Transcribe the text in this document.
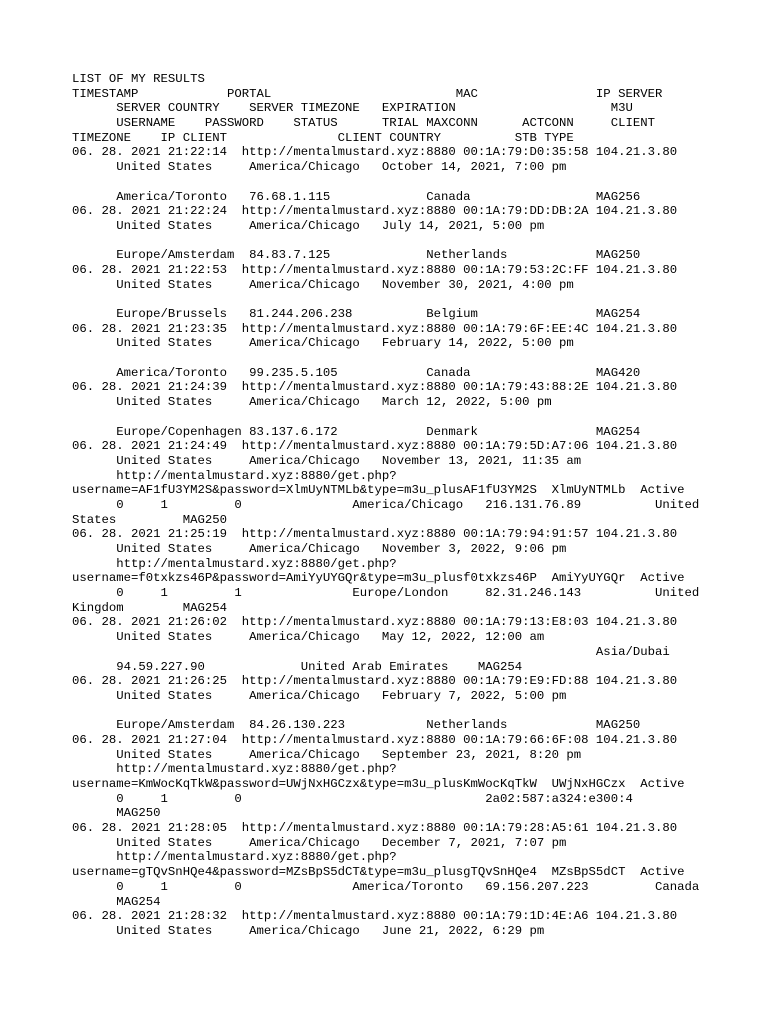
LIST OF MY RESULTS
TIMESTAMP            PORTAL                         MAC                IP SERVER
SERVER COUNTRY    SERVER TIMEZONE   EXPIRATION                     M3U
USERNAME    PASSWORD    STATUS      TRIAL MAXCONN      ACTCONN     CLIENT
TIMEZONE    IP CLIENT               CLIENT COUNTRY          STB TYPE
06. 28. 2021 21:22:14  http://mentalmustard.xyz:8880 00:1A:79:D0:35:58 104.21.3.80
United States     America/Chicago   October 14, 2021, 7:00 pm
America/Toronto   76.68.1.115             Canada                 MAG256
06. 28. 2021 21:22:24  http://mentalmustard.xyz:8880 00:1A:79:DD:DB:2A 104.21.3.80
United States     America/Chicago   July 14, 2021, 5:00 pm
Europe/Amsterdam  84.83.7.125             Netherlands            MAG250
06. 28. 2021 21:22:53  http://mentalmustard.xyz:8880 00:1A:79:53:2C:FF 104.21.3.80
United States     America/Chicago   November 30, 2021, 4:00 pm
Europe/Brussels   81.244.206.238          Belgium                MAG254
06. 28. 2021 21:23:35  http://mentalmustard.xyz:8880 00:1A:79:6F:EE:4C 104.21.3.80
United States     America/Chicago   February 14, 2022, 5:00 pm
America/Toronto   99.235.5.105            Canada                 MAG420
06. 28. 2021 21:24:39  http://mentalmustard.xyz:8880 00:1A:79:43:88:2E 104.21.3.80
United States     America/Chicago   March 12, 2022, 5:00 pm
Europe/Copenhagen 83.137.6.172            Denmark                MAG254
06. 28. 2021 21:24:49  http://mentalmustard.xyz:8880 00:1A:79:5D:A7:06 104.21.3.80
United States     America/Chicago   November 13, 2021, 11:35 am
http://mentalmustard.xyz:8880/get.php?
username=AF1fU3YM2S&password=XlmUyNTMLb&type=m3u_plusAF1fU3YM2S  XlmUyNTMLb  Active
0     1         0               America/Chicago   216.131.76.89          United
States         MAG250
06. 28. 2021 21:25:19  http://mentalmustard.xyz:8880 00:1A:79:94:91:57 104.21.3.80
United States     America/Chicago   November 3, 2022, 9:06 pm
http://mentalmustard.xyz:8880/get.php?
username=f0txkzs46P&password=AmiYyUYGQr&type=m3u_plusf0txkzs46P  AmiYyUYGQr  Active
0     1         1               Europe/London     82.31.246.143          United
Kingdom        MAG254
06. 28. 2021 21:26:02  http://mentalmustard.xyz:8880 00:1A:79:13:E8:03 104.21.3.80
United States     America/Chicago   May 12, 2022, 12:00 am
Asia/Dubai
94.59.227.90             United Arab Emirates    MAG254
06. 28. 2021 21:26:25  http://mentalmustard.xyz:8880 00:1A:79:E9:FD:88 104.21.3.80
United States     America/Chicago   February 7, 2022, 5:00 pm
Europe/Amsterdam  84.26.130.223           Netherlands            MAG250
06. 28. 2021 21:27:04  http://mentalmustard.xyz:8880 00:1A:79:66:6F:08 104.21.3.80
United States     America/Chicago   September 23, 2021, 8:20 pm
http://mentalmustard.xyz:8880/get.php?
username=KmWocKqTkW&password=UWjNxHGCzx&type=m3u_plusKmWocKqTkW  UWjNxHGCzx  Active
0     1         0                                 2a02:587:a324:e300:4
MAG250
06. 28. 2021 21:28:05  http://mentalmustard.xyz:8880 00:1A:79:28:A5:61 104.21.3.80
United States     America/Chicago   December 7, 2021, 7:07 pm
http://mentalmustard.xyz:8880/get.php?
username=gTQvSnHQe4&password=MZsBpS5dCT&type=m3u_plusgTQvSnHQe4  MZsBpS5dCT  Active
0     1         0               America/Toronto   69.156.207.223         Canada
MAG254
06. 28. 2021 21:28:32  http://mentalmustard.xyz:8880 00:1A:79:1D:4E:A6 104.21.3.80
United States     America/Chicago   June 21, 2022, 6:29 pm
